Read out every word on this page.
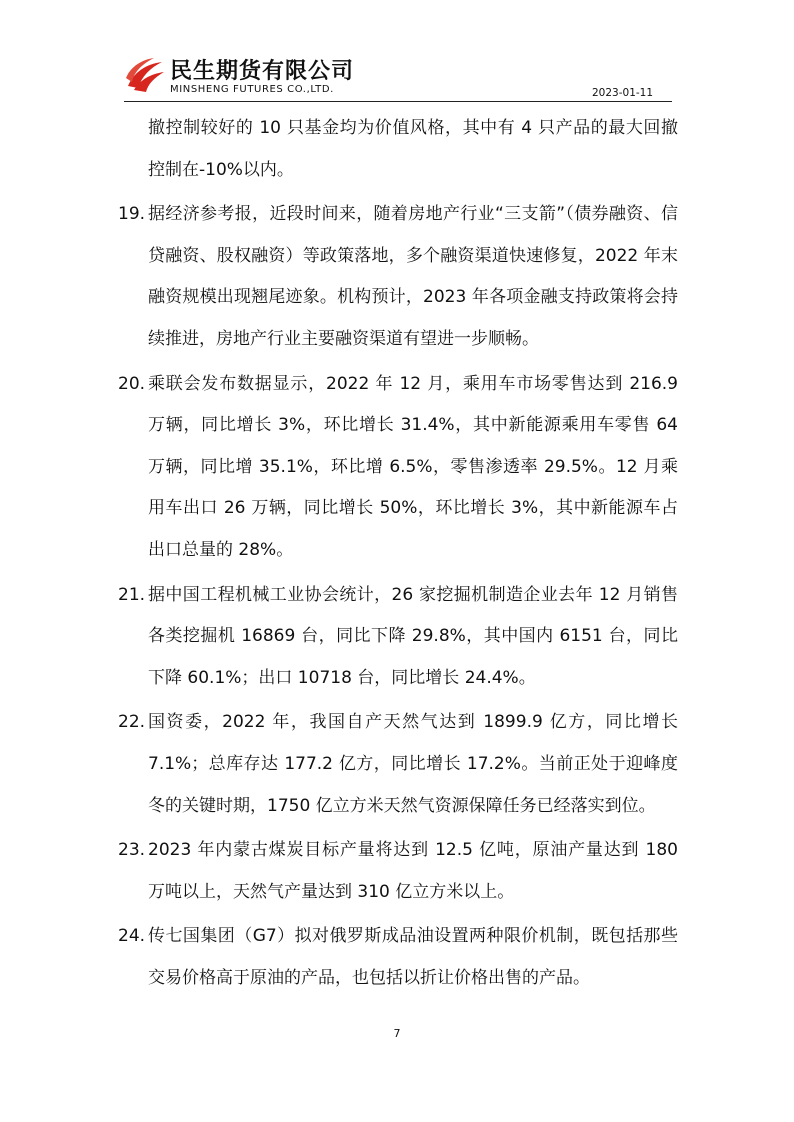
民生期货有限公司
MINSHENG FUTURES CO.,LTD.	2023-01-11
撤控制较好的 10 只基金均为价值风格，其中有 4 只产品的最大回撤控制在-10%以内。
19. 据经济参考报，近段时间来，随着房地产行业“三支箭”（债券融资、信贷融资、股权融资）等政策落地，多个融资渠道快速修复，2022 年末融资规模出现翘尾迹象。机构预计，2023 年各项金融支持政策将会持续推进，房地产行业主要融资渠道有望进一步顺畅。
20. 乘联会发布数据显示，2022 年 12 月，乘用车市场零售达到 216.9 万辆，同比增长 3%，环比增长 31.4%，其中新能源乘用车零售 64 万辆，同比增 35.1%，环比增 6.5%，零售渗透率 29.5%。12 月乘用车出口 26 万辆，同比增长 50%，环比增长 3%，其中新能源车占出口总量的 28%。
21. 据中国工程机械工业协会统计，26 家挖掘机制造企业去年 12 月销售各类挖掘机 16869 台，同比下降 29.8%，其中国内 6151 台，同比下降 60.1%；出口 10718 台，同比增长 24.4%。
22. 国资委，2022 年，我国自产天然气达到 1899.9 亿方，同比增长 7.1%；总库存达 177.2 亿方，同比增长 17.2%。当前正处于迎峰度冬的关键时期，1750 亿立方米天然气资源保障任务已经落实到位。
23. 2023 年内蒙古煤炭目标产量将达到 12.5 亿吨，原油产量达到 180 万吨以上，天然气产量达到 310 亿立方米以上。
24. 传七国集团（G7）拟对俄罗斯成品油设置两种限价机制，既包括那些交易价格高于原油的产品，也包括以折让价格出售的产品。
7
